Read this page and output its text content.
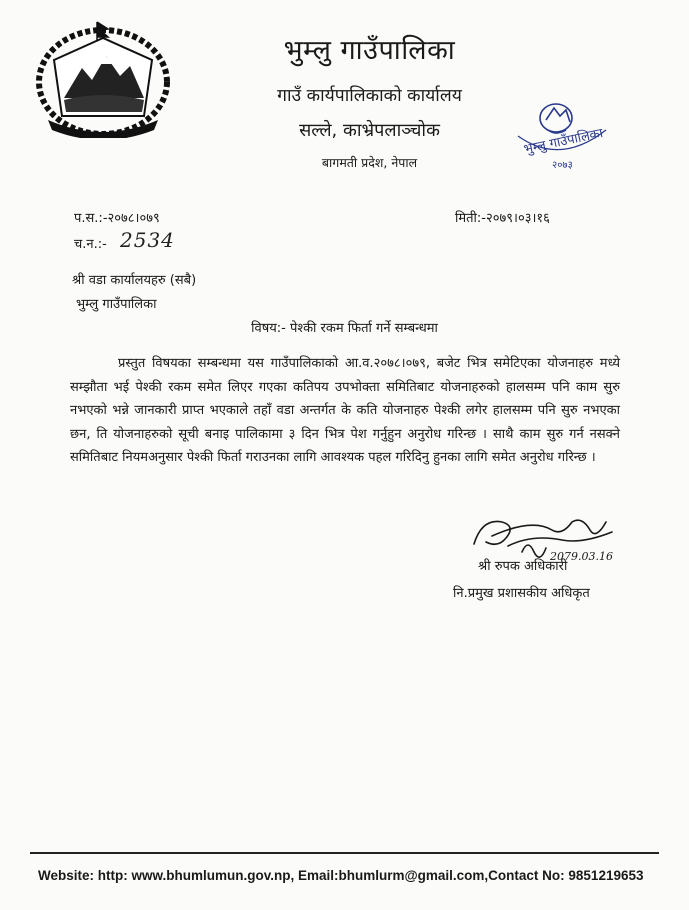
भुम्लु गाउँपालिका
गाउँ कार्यपालिकाको कार्यालय
सल्ले, काभ्रेपलाञ्चोक
बागमती प्रदेश, नेपाल
भुम्लु गाउँपालिका
२०७३
प.स.:-२०७८।०७९	मिती:-२०७९।०३।१६
च.न.:- 2534
श्री वडा कार्यालयहरु (सबै)
भुम्लु गाउँपालिका
विषय:- पेश्की रकम फिर्ता गर्ने सम्बन्धमा
प्रस्तुत विषयका सम्बन्धमा यस गाउँपालिकाको आ.व.२०७८।०७९, बजेट भित्र समेटिएका योजनाहरु मध्ये सम्झौता भई पेश्की रकम समेत लिएर गएका कतिपय उपभोक्ता समितिबाट योजनाहरुको हालसम्म पनि काम सुरु नभएको भन्ने जानकारी प्राप्त भएकाले तहाँ वडा अन्तर्गत के कति योजनाहरु पेश्की लगेर हालसम्म पनि सुरु नभएका छन, ति योजनाहरुको सूची बनाइ पालिकामा ३ दिन भित्र पेश गर्नुहुन अनुरोध गरिन्छ । साथै काम सुरु गर्न नसक्ने समितिबाट नियमअनुसार पेश्की फिर्ता गराउनका लागि आवश्यक पहल गरिदिनु हुनका लागि समेत अनुरोध गरिन्छ ।
2079.03.16
श्री रुपक अधिकारी
नि.प्रमुख प्रशासकीय अधिकृत
Website: http: www.bhumlumun.gov.np, Email:bhumlurm@gmail.com,Contact No: 9851219653
